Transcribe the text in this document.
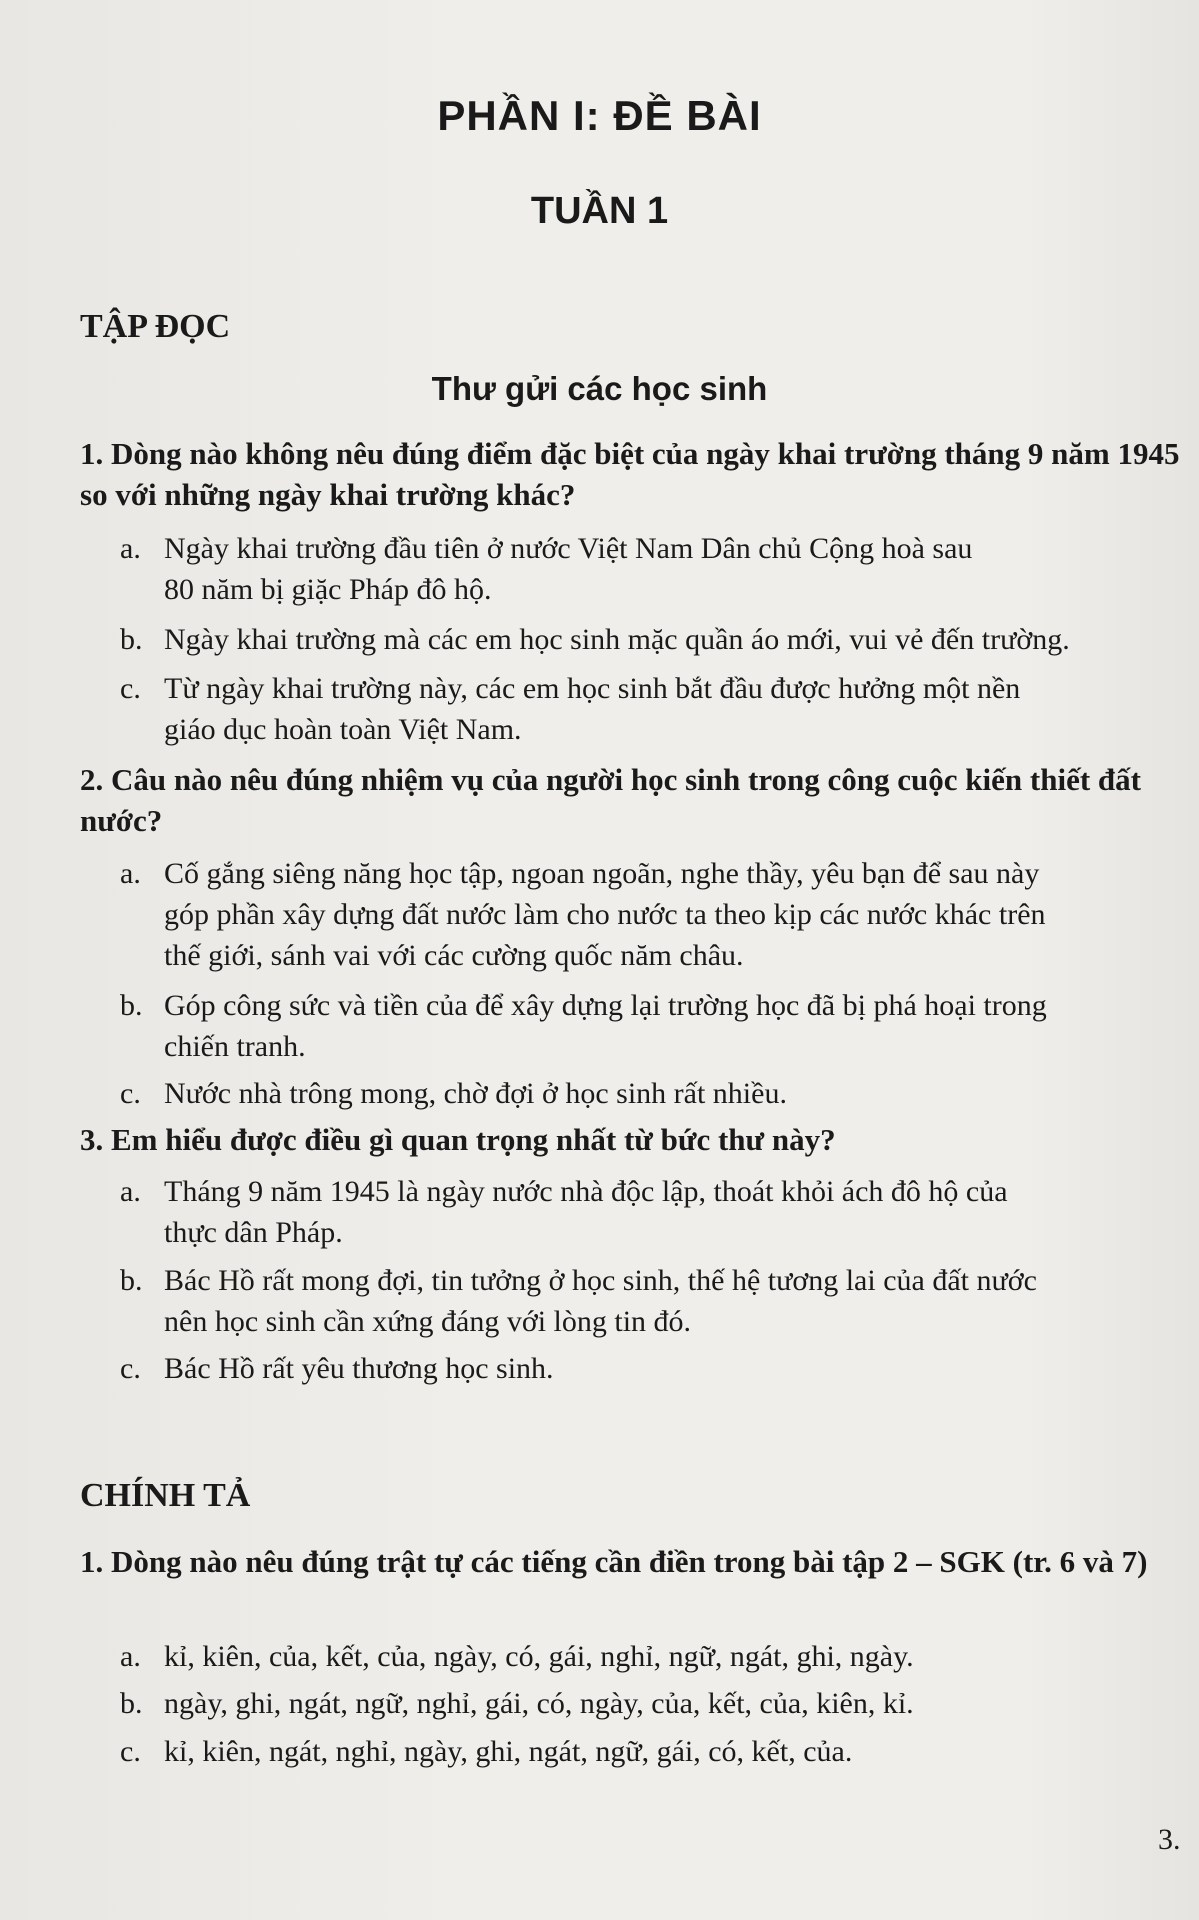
PHẦN I: ĐỀ BÀI
TUẦN 1
TẬP ĐỌC
Thư gửi các học sinh
1. Dòng nào không nêu đúng điểm đặc biệt của ngày khai trường tháng 9 năm 1945 so với những ngày khai trường khác?
a. Ngày khai trường đầu tiên ở nước Việt Nam Dân chủ Cộng hoà sau
80 năm bị giặc Pháp đô hộ.
b. Ngày khai trường mà các em học sinh mặc quần áo mới, vui vẻ đến trường.
c. Từ ngày khai trường này, các em học sinh bắt đầu được hưởng một nền
giáo dục hoàn toàn Việt Nam.
2. Câu nào nêu đúng nhiệm vụ của người học sinh trong công cuộc kiến thiết đất nước?
a. Cố gắng siêng năng học tập, ngoan ngoãn, nghe thầy, yêu bạn để sau này
góp phần xây dựng đất nước làm cho nước ta theo kịp các nước khác trên
thế giới, sánh vai với các cường quốc năm châu.
b. Góp công sức và tiền của để xây dựng lại trường học đã bị phá hoại trong
chiến tranh.
c. Nước nhà trông mong, chờ đợi ở học sinh rất nhiều.
3. Em hiểu được điều gì quan trọng nhất từ bức thư này?
a. Tháng 9 năm 1945 là ngày nước nhà độc lập, thoát khỏi ách đô hộ của
thực dân Pháp.
b. Bác Hồ rất mong đợi, tin tưởng ở học sinh, thế hệ tương lai của đất nước
nên học sinh cần xứng đáng với lòng tin đó.
c. Bác Hồ rất yêu thương học sinh.
CHÍNH TẢ
1. Dòng nào nêu đúng trật tự các tiếng cần điền trong bài tập 2 – SGK (tr. 6 và 7)
a. kỉ, kiên, của, kết, của, ngày, có, gái, nghỉ, ngữ, ngát, ghi, ngày.
b. ngày, ghi, ngát, ngữ, nghỉ, gái, có, ngày, của, kết, của, kiên, kỉ.
c. kỉ, kiên, ngát, nghỉ, ngày, ghi, ngát, ngữ, gái, có, kết, của.
3.
